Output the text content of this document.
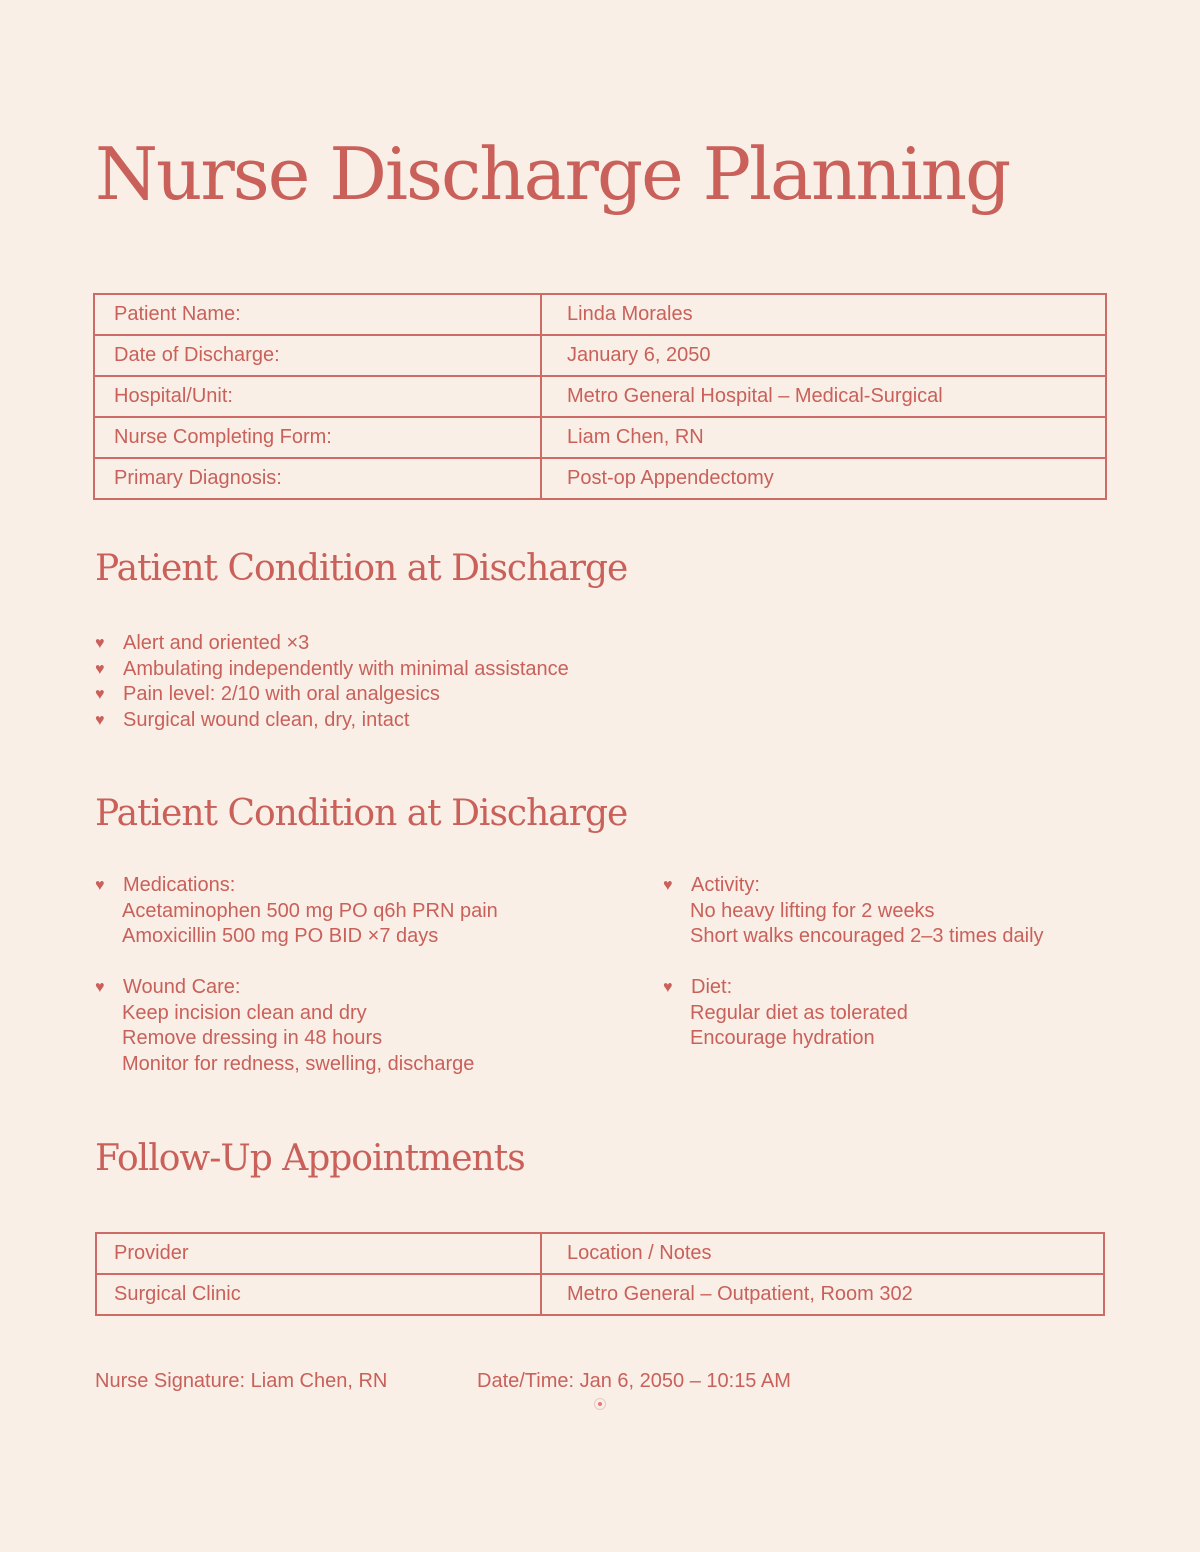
Nurse Discharge Planning
Patient Name:	Linda Morales
Date of Discharge:	January 6, 2050
Hospital/Unit:	Metro General Hospital – Medical-Surgical
Nurse Completing Form:	Liam Chen, RN
Primary Diagnosis:	Post-op Appendectomy
Patient Condition at Discharge
♥ Alert and oriented ×3
♥ Ambulating independently with minimal assistance
♥ Pain level: 2/10 with oral analgesics
♥ Surgical wound clean, dry, intact
Patient Condition at Discharge
♥ Medications:
Acetaminophen 500 mg PO q6h PRN pain
Amoxicillin 500 mg PO BID ×7 days
♥ Wound Care:
Keep incision clean and dry
Remove dressing in 48 hours
Monitor for redness, swelling, discharge
♥ Activity:
No heavy lifting for 2 weeks
Short walks encouraged 2–3 times daily
♥ Diet:
Regular diet as tolerated
Encourage hydration
Follow-Up Appointments
Provider	Location / Notes
Surgical Clinic	Metro General – Outpatient, Room 302
Nurse Signature: Liam Chen, RN	Date/Time: Jan 6, 2050 – 10:15 AM
